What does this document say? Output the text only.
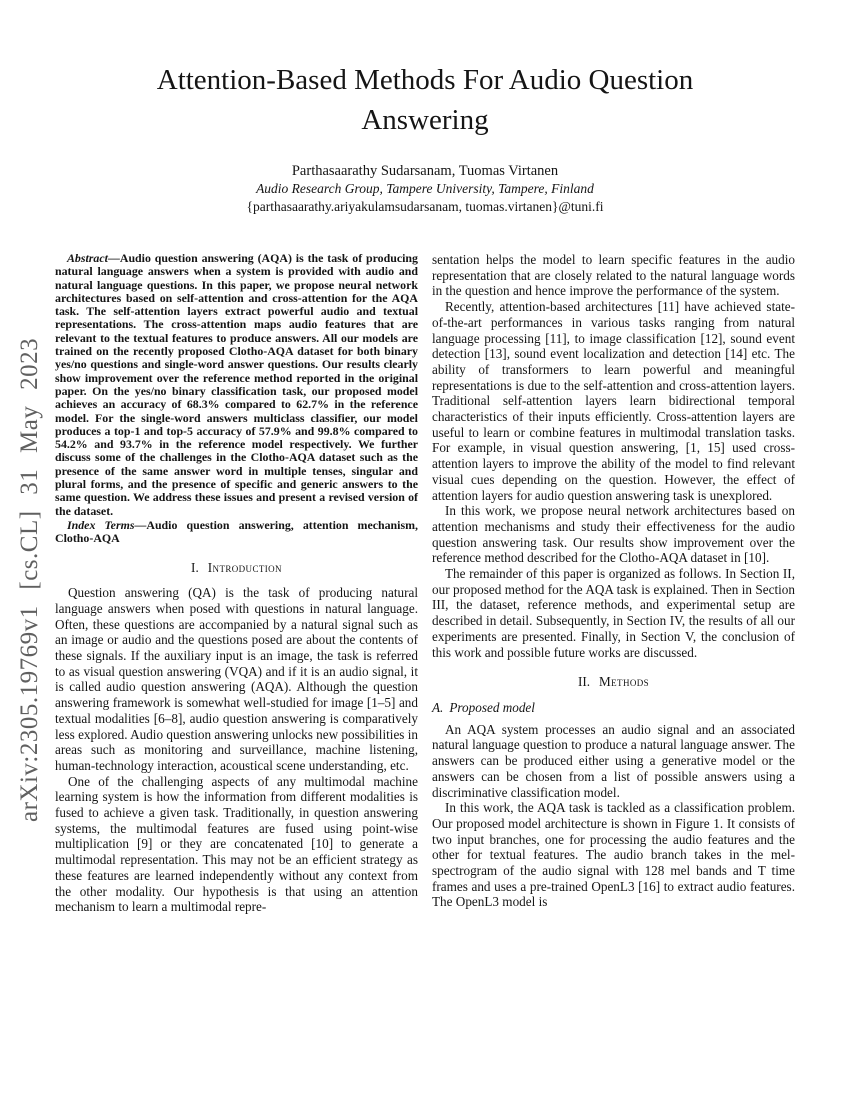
arXiv:2305.19769v1 [cs.CL] 31 May 2023
Attention-Based Methods For Audio Question Answering
Parthasaarathy Sudarsanam, Tuomas Virtanen
Audio Research Group, Tampere University, Tampere, Finland
{parthasaarathy.ariyakulamsudarsanam, tuomas.virtanen}@tuni.fi

Abstract—Audio question answering (AQA) is the task of producing natural language answers when a system is provided with audio and natural language questions. In this paper, we propose neural network architectures based on self-attention and cross-attention for the AQA task. The self-attention layers extract powerful audio and textual representations. The cross-attention maps audio features that are relevant to the textual features to produce answers. All our models are trained on the recently proposed Clotho-AQA dataset for both binary yes/no questions and single-word answer questions. Our results clearly show improvement over the reference method reported in the original paper. On the yes/no binary classification task, our proposed model achieves an accuracy of 68.3% compared to 62.7% in the reference model. For the single-word answers multiclass classifier, our model produces a top-1 and top-5 accuracy of 57.9% and 99.8% compared to 54.2% and 93.7% in the reference model respectively. We further discuss some of the challenges in the Clotho-AQA dataset such as the presence of the same answer word in multiple tenses, singular and plural forms, and the presence of specific and generic answers to the same question. We address these issues and present a revised version of the dataset.

Index Terms—Audio question answering, attention mechanism, Clotho-AQA

I. Introduction

Question answering (QA) is the task of producing natural language answers when posed with questions in natural language. Often, these questions are accompanied by a natural signal such as an image or audio and the questions posed are about the contents of these signals. If the auxiliary input is an image, the task is referred to as visual question answering (VQA) and if it is an audio signal, it is called audio question answering (AQA). Although the question answering framework is somewhat well-studied for image [1–5] and textual modalities [6–8], audio question answering is comparatively less explored. Audio question answering unlocks new possibilities in areas such as monitoring and surveillance, machine listening, human-technology interaction, acoustical scene understanding, etc.

One of the challenging aspects of any multimodal machine learning system is how the information from different modalities is fused to achieve a given task. Traditionally, in question answering systems, the multimodal features are fused using point-wise multiplication [9] or they are concatenated [10] to generate a multimodal representation. This may not be an efficient strategy as these features are learned independently without any context from the other modality. Our hypothesis is that using an attention mechanism to learn a multimodal repre-

sentation helps the model to learn specific features in the audio representation that are closely related to the natural language words in the question and hence improve the performance of the system.

Recently, attention-based architectures [11] have achieved state-of-the-art performances in various tasks ranging from natural language processing [11], to image classification [12], sound event detection [13], sound event localization and detection [14] etc. The ability of transformers to learn powerful and meaningful representations is due to the self-attention and cross-attention layers. Traditional self-attention layers learn bidirectional temporal characteristics of their inputs efficiently. Cross-attention layers are useful to learn or combine features in multimodal translation tasks. For example, in visual question answering, [1, 15] used cross-attention layers to improve the ability of the model to find relevant visual cues depending on the question. However, the effect of attention layers for audio question answering task is unexplored.

In this work, we propose neural network architectures based on attention mechanisms and study their effectiveness for the audio question answering task. Our results show improvement over the reference method described for the Clotho-AQA dataset in [10].

The remainder of this paper is organized as follows. In Section II, our proposed method for the AQA task is explained. Then in Section III, the dataset, reference methods, and experimental setup are described in detail. Subsequently, in Section IV, the results of all our experiments are presented. Finally, in Section V, the conclusion of this work and possible future works are discussed.

II. Methods
A. Proposed model

An AQA system processes an audio signal and an associated natural language question to produce a natural language answer. The answers can be produced either using a generative model or the answers can be chosen from a list of possible answers using a discriminative classification model.

In this work, the AQA task is tackled as a classification problem. Our proposed model architecture is shown in Figure 1. It consists of two input branches, one for processing the audio features and the other for textual features. The audio branch takes in the mel-spectrogram of the audio signal with 128 mel bands and T time frames and uses a pre-trained OpenL3 [16] to extract audio features. The OpenL3 model is
